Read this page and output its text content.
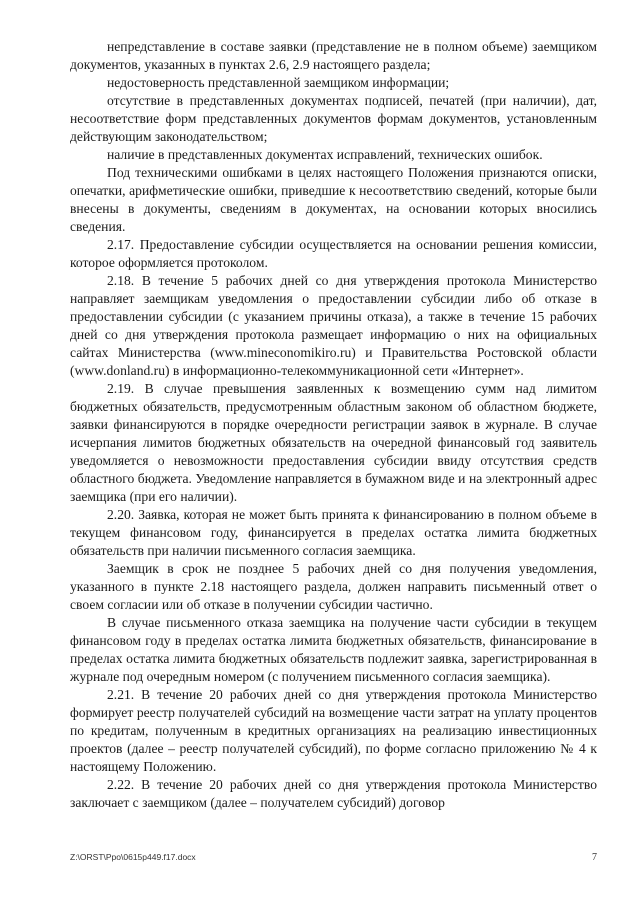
непредставление в составе заявки (представление не в полном объеме) заемщиком документов, указанных в пунктах 2.6, 2.9 настоящего раздела;

недостоверность представленной заемщиком информации;

отсутствие в представленных документах подписей, печатей (при наличии), дат, несоответствие форм представленных документов формам документов, установленным действующим законодательством;

наличие в представленных документах исправлений, технических ошибок.

Под техническими ошибками в целях настоящего Положения признаются описки, опечатки, арифметические ошибки, приведшие к несоответствию сведений, которые были внесены в документы, сведениям в документах, на основании которых вносились сведения.

2.17. Предоставление субсидии осуществляется на основании решения комиссии, которое оформляется протоколом.

2.18. В течение 5 рабочих дней со дня утверждения протокола Министерство направляет заемщикам уведомления о предоставлении субсидии либо об отказе в предоставлении субсидии (с указанием причины отказа), а также в течение 15 рабочих дней со дня утверждения протокола размещает информацию о них на официальных сайтах Министерства (www.mineconomikiro.ru) и Правительства Ростовской области (www.donland.ru) в информационно-телекоммуникационной сети «Интернет».

2.19. В случае превышения заявленных к возмещению сумм над лимитом бюджетных обязательств, предусмотренным областным законом об областном бюджете, заявки финансируются в порядке очередности регистрации заявок в журнале. В случае исчерпания лимитов бюджетных обязательств на очередной финансовый год заявитель уведомляется о невозможности предоставления субсидии ввиду отсутствия средств областного бюджета. Уведомление направляется в бумажном виде и на электронный адрес заемщика (при его наличии).

2.20. Заявка, которая не может быть принята к финансированию в полном объеме в текущем финансовом году, финансируется в пределах остатка лимита бюджетных обязательств при наличии письменного согласия заемщика.

Заемщик в срок не позднее 5 рабочих дней со дня получения уведомления, указанного в пункте 2.18 настоящего раздела, должен направить письменный ответ о своем согласии или об отказе в получении субсидии частично.

В случае письменного отказа заемщика на получение части субсидии в текущем финансовом году в пределах остатка лимита бюджетных обязательств, финансирование в пределах остатка лимита бюджетных обязательств подлежит заявка, зарегистрированная в журнале под очередным номером (с получением письменного согласия заемщика).

2.21. В течение 20 рабочих дней со дня утверждения протокола Министерство формирует реестр получателей субсидий на возмещение части затрат на уплату процентов по кредитам, полученным в кредитных организациях на реализацию инвестиционных проектов (далее – реестр получателей субсидий), по форме согласно приложению № 4 к настоящему Положению.

2.22. В течение 20 рабочих дней со дня утверждения протокола Министерство заключает с заемщиком (далее – получателем субсидий) договор

Z:\ORST\Ppo\0615p449.f17.docx	7
